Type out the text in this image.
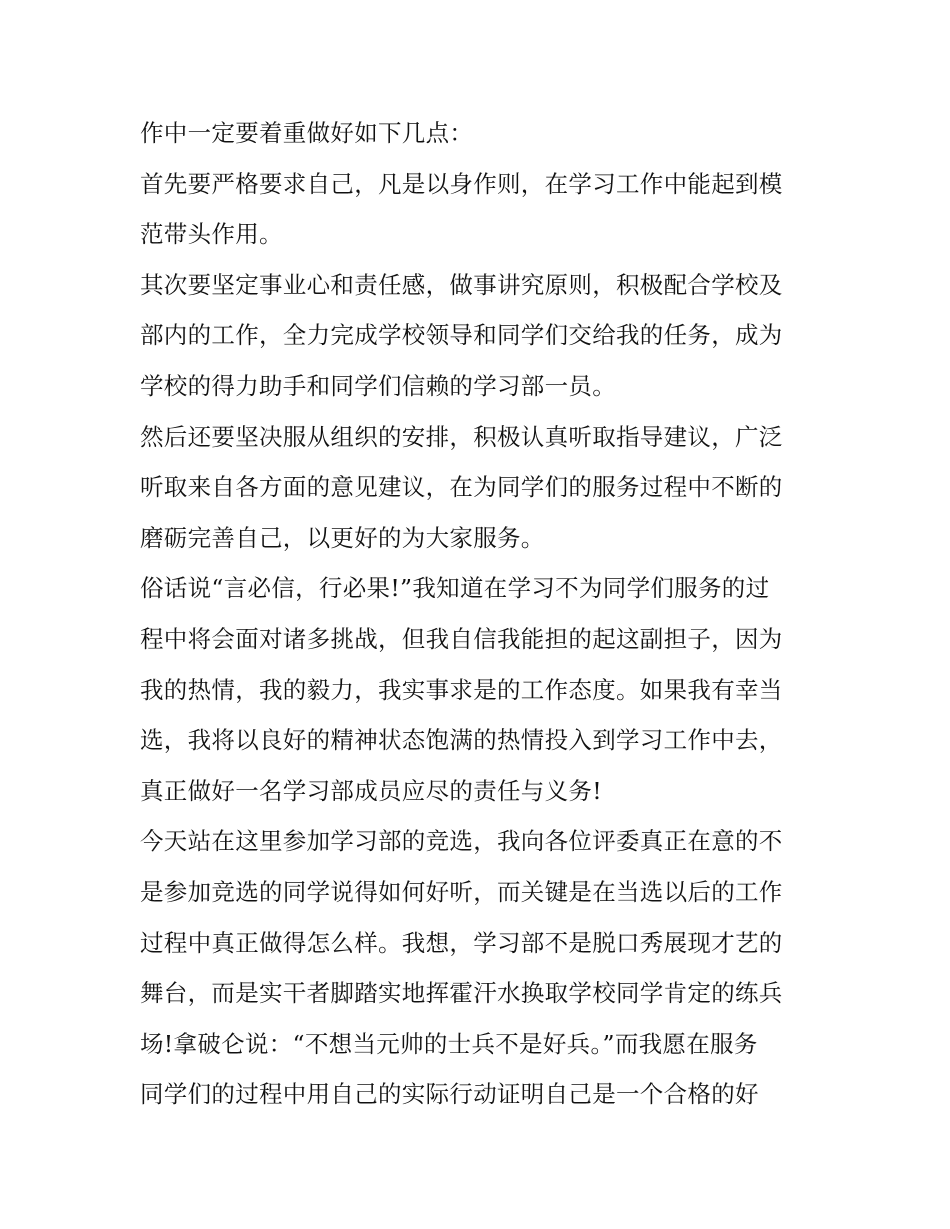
作中一定要着重做好如下几点：
首先要严格要求自己，凡是以身作则，在学习工作中能起到模
范带头作用。
其次要坚定事业心和责任感，做事讲究原则，积极配合学校及
部内的工作，全力完成学校领导和同学们交给我的任务，成为
学校的得力助手和同学们信赖的学习部一员。
然后还要坚决服从组织的安排，积极认真听取指导建议，广泛
听取来自各方面的意见建议，在为同学们的服务过程中不断的
磨砺完善自己，以更好的为大家服务。
俗话说“言必信，行必果!”我知道在学习不为同学们服务的过
程中将会面对诸多挑战，但我自信我能担的起这副担子，因为
我的热情，我的毅力，我实事求是的工作态度。如果我有幸当
选，我将以良好的精神状态饱满的热情投入到学习工作中去，
真正做好一名学习部成员应尽的责任与义务!
今天站在这里参加学习部的竞选，我向各位评委真正在意的不
是参加竞选的同学说得如何好听，而关键是在当选以后的工作
过程中真正做得怎么样。我想，学习部不是脱口秀展现才艺的
舞台，而是实干者脚踏实地挥霍汗水换取学校同学肯定的练兵
场!拿破仑说：“不想当元帅的士兵不是好兵。”而我愿在服务
同学们的过程中用自己的实际行动证明自己是一个合格的好
